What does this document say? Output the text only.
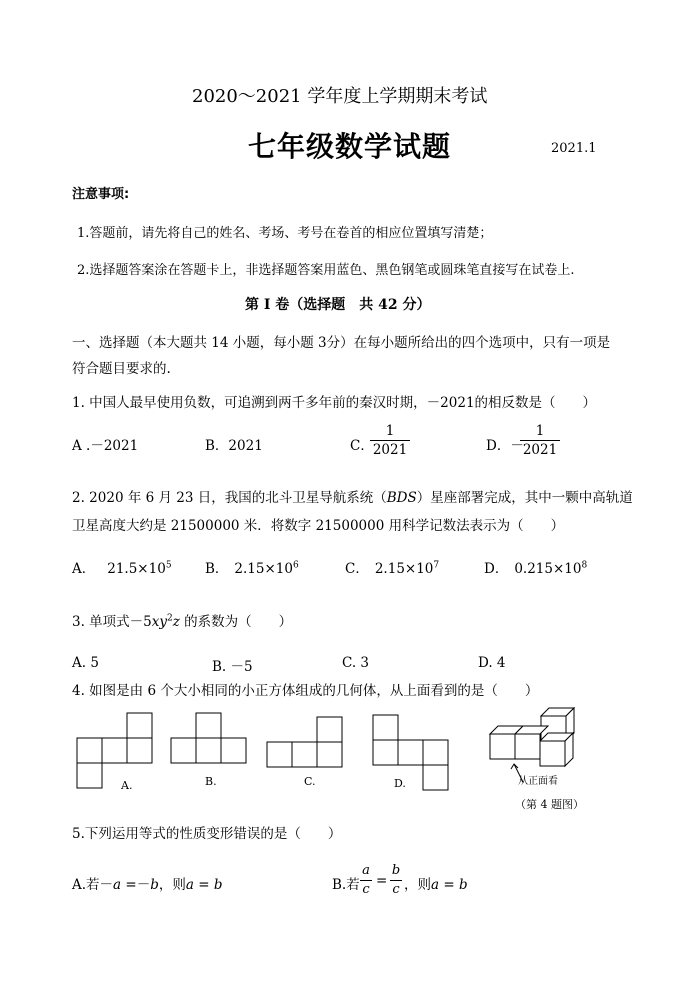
2020～2021 学年度上学期期末考试
七年级数学试题	2021.1
注意事项:
1.答题前，请先将自己的姓名、考场、考号在卷首的相应位置填写清楚；
2.选择题答案涂在答题卡上，非选择题答案用蓝色、黑色钢笔或圆珠笔直接写在试卷上.
第 I 卷（选择题　共 42 分）
一、选择题（本大题共 14 小题，每小题 3分）在每小题所给出的四个选项中，只有一项是
符合题目要求的.
1. 中国人最早使用负数，可追溯到两千多年前的秦汉时期，－2021的相反数是（　　）
A .－2021	B．2021	C．
1
2021	D．－
1
2021
2. 2020 年 6 月 23 日，我国的北斗卫星导航系统（BDS）星座部署完成，其中一颗中高轨道
卫星高度大约是 21500000 米．将数字 21500000 用科学记数法表示为（　　）
A． $21.5\times 10^5$ B． $2.15\times 10^6$	C． $2.15\times 10^7$	D． $0.215\times 10^8$
3. 单项式$-5xy^2z$ 的系数为（　　）
A. 5	B. －5	C. 3	D. 4
4. 如图是由 6 个大小相同的小正方体组成的几何体，从上面看到的是（　　）
A.	B.	C.	D.	从正面看
（第 4 题图）
5.下列运用等式的性质变形错误的是（　　）
A.若－a =－b，则a = b	B.若
a
c
=
b
c ，则a = b
